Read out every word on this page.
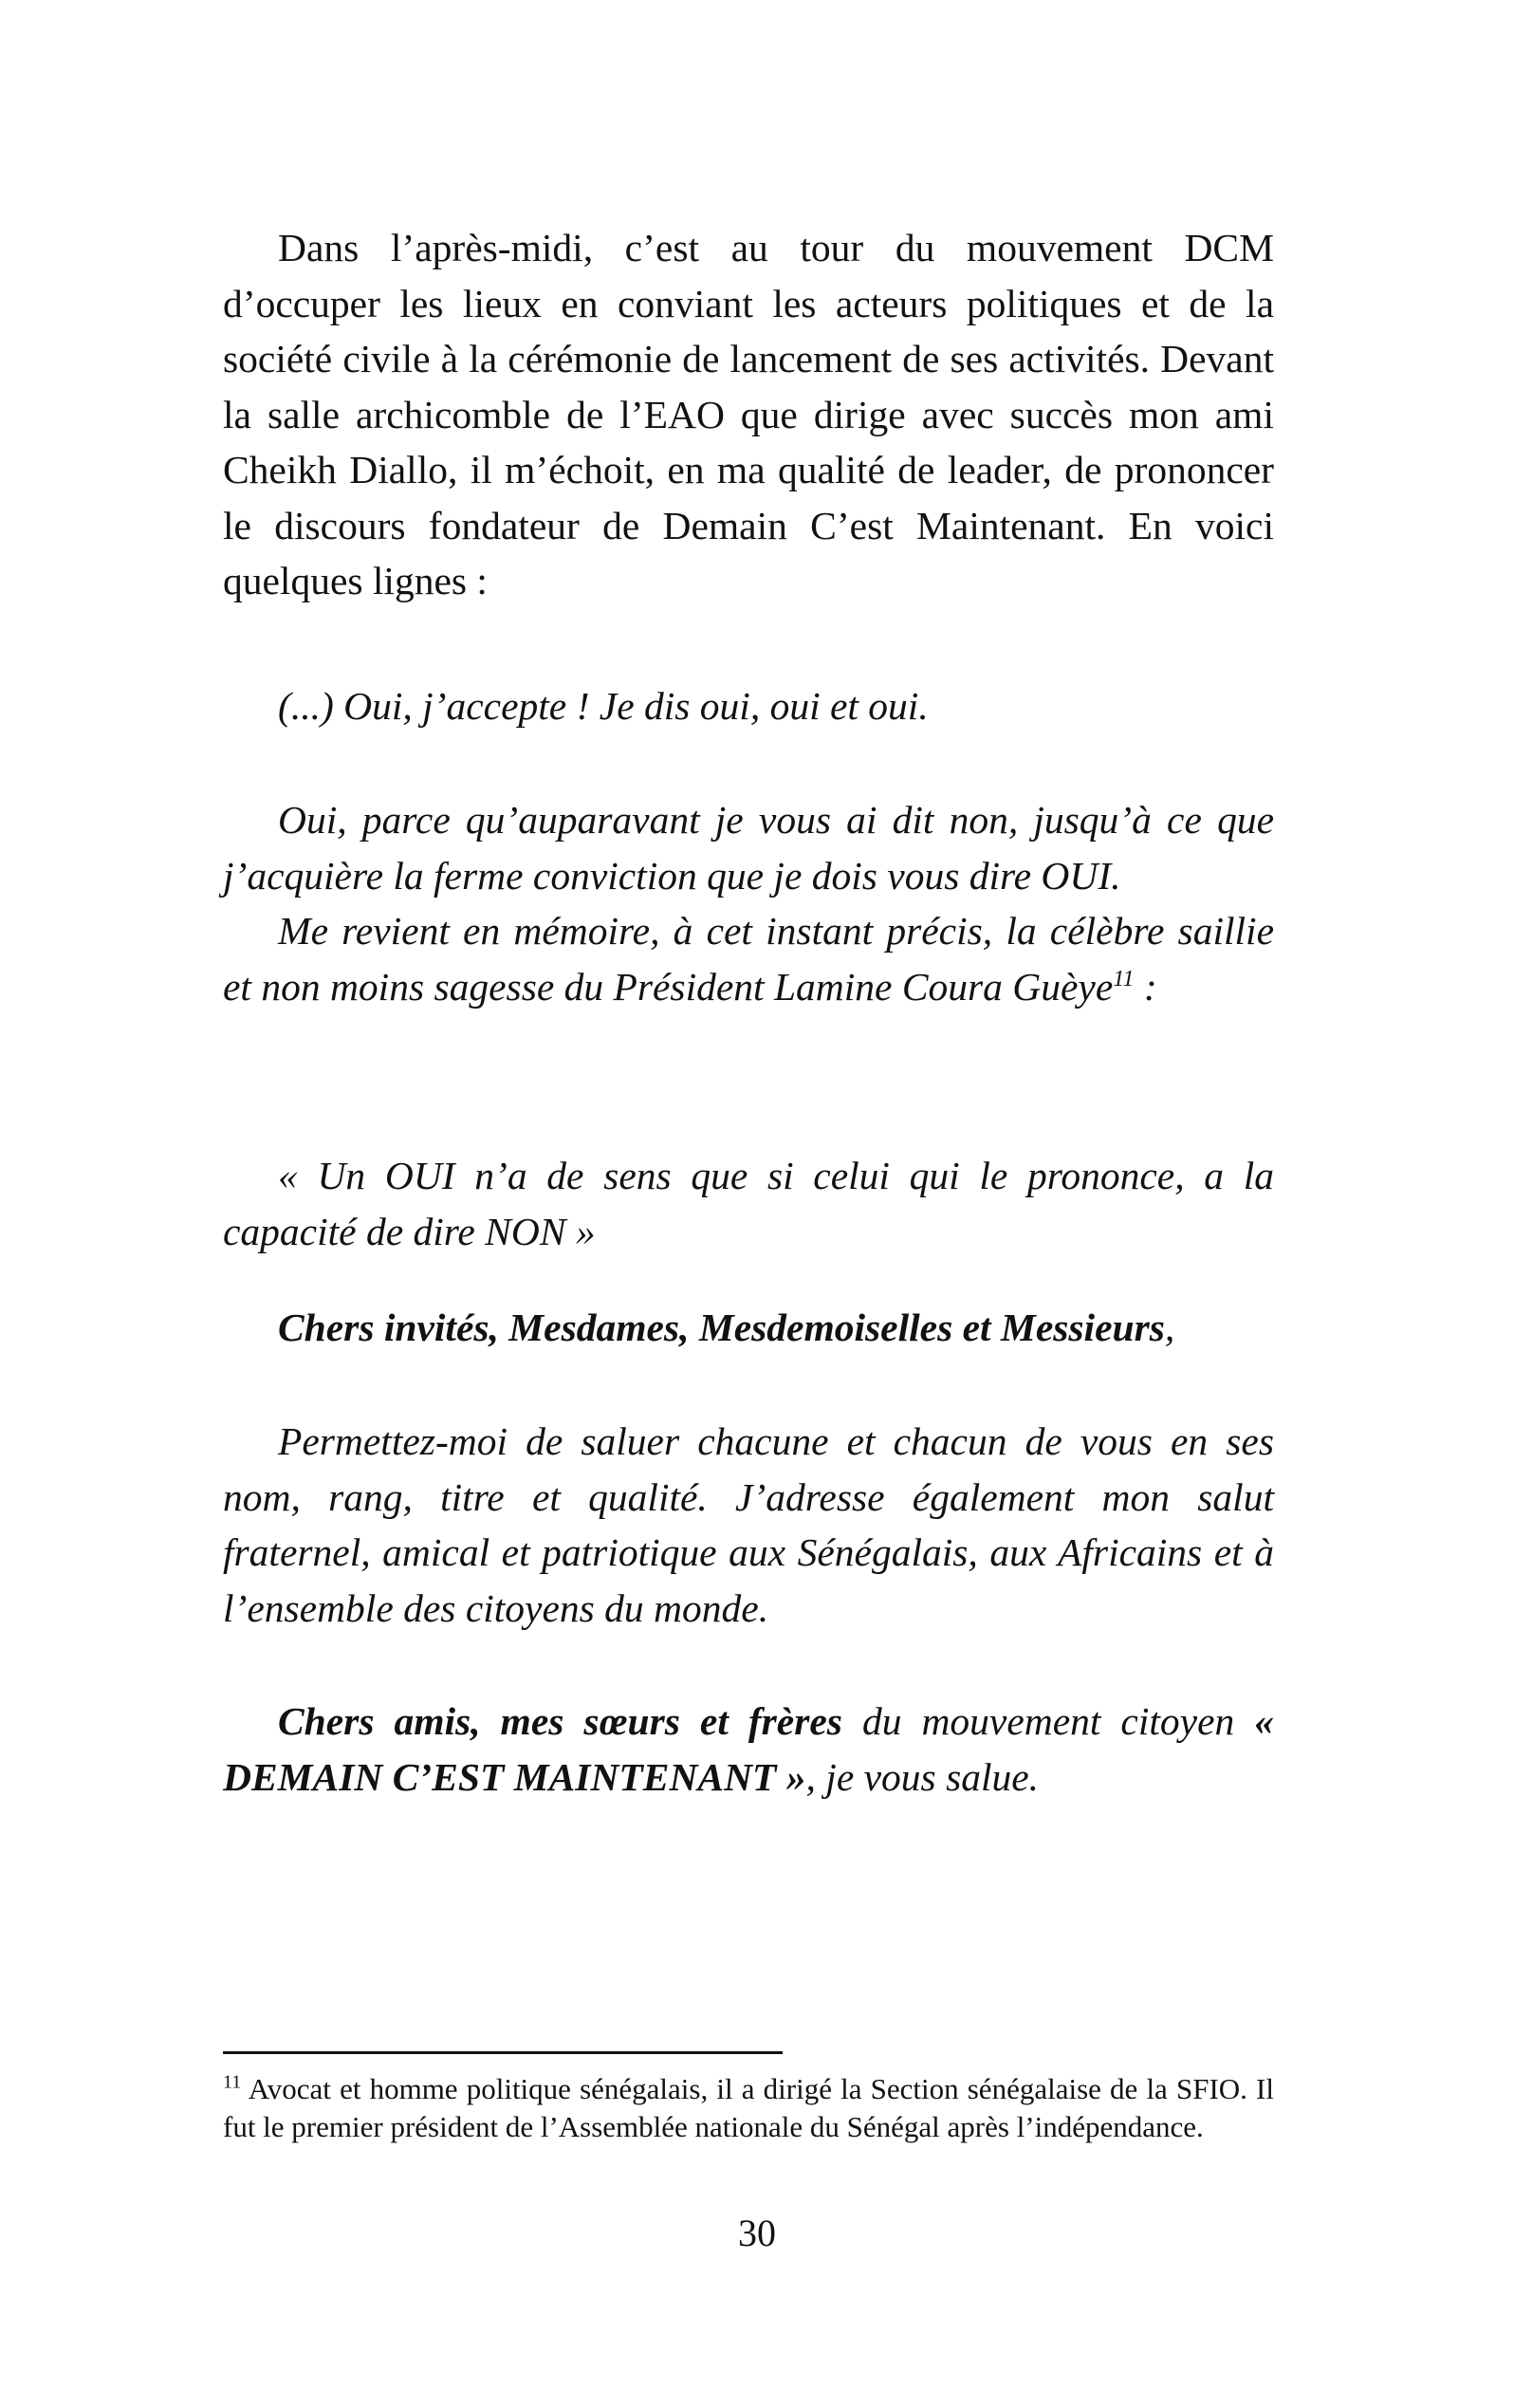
Dans l’après-midi, c’est au tour du mouvement DCM d’occuper les lieux en conviant les acteurs politiques et de la société civile à la cérémonie de lancement de ses activités. Devant la salle archicomble de l’EAO que dirige avec succès mon ami Cheikh Diallo, il m’échoit, en ma qualité de leader, de prononcer le discours fondateur de Demain C’est Maintenant. En voici quelques lignes :

(...) Oui, j’accepte ! Je dis oui, oui et oui.

Oui, parce qu’auparavant je vous ai dit non, jusqu’à ce que j’acquière la ferme conviction que je dois vous dire OUI.
Me revient en mémoire, à cet instant précis, la célèbre saillie et non moins sagesse du Président Lamine Coura Guèye$^{11}$ :

« Un OUI n’a de sens que si celui qui le prononce, a la capacité de dire NON »

Chers invités, Mesdames, Mesdemoiselles et Messieurs,

Permettez-moi de saluer chacune et chacun de vous en ses nom, rang, titre et qualité. J’adresse également mon salut fraternel, amical et patriotique aux Sénégalais, aux Africains et à l’ensemble des citoyens du monde.

Chers amis, mes sœurs et frères du mouvement citoyen « DEMAIN C’EST MAINTENANT », je vous salue.

$^{11}$ Avocat et homme politique sénégalais, il a dirigé la Section sénégalaise de la SFIO. Il fut le premier président de l’Assemblée nationale du Sénégal après l’indépendance.

30
